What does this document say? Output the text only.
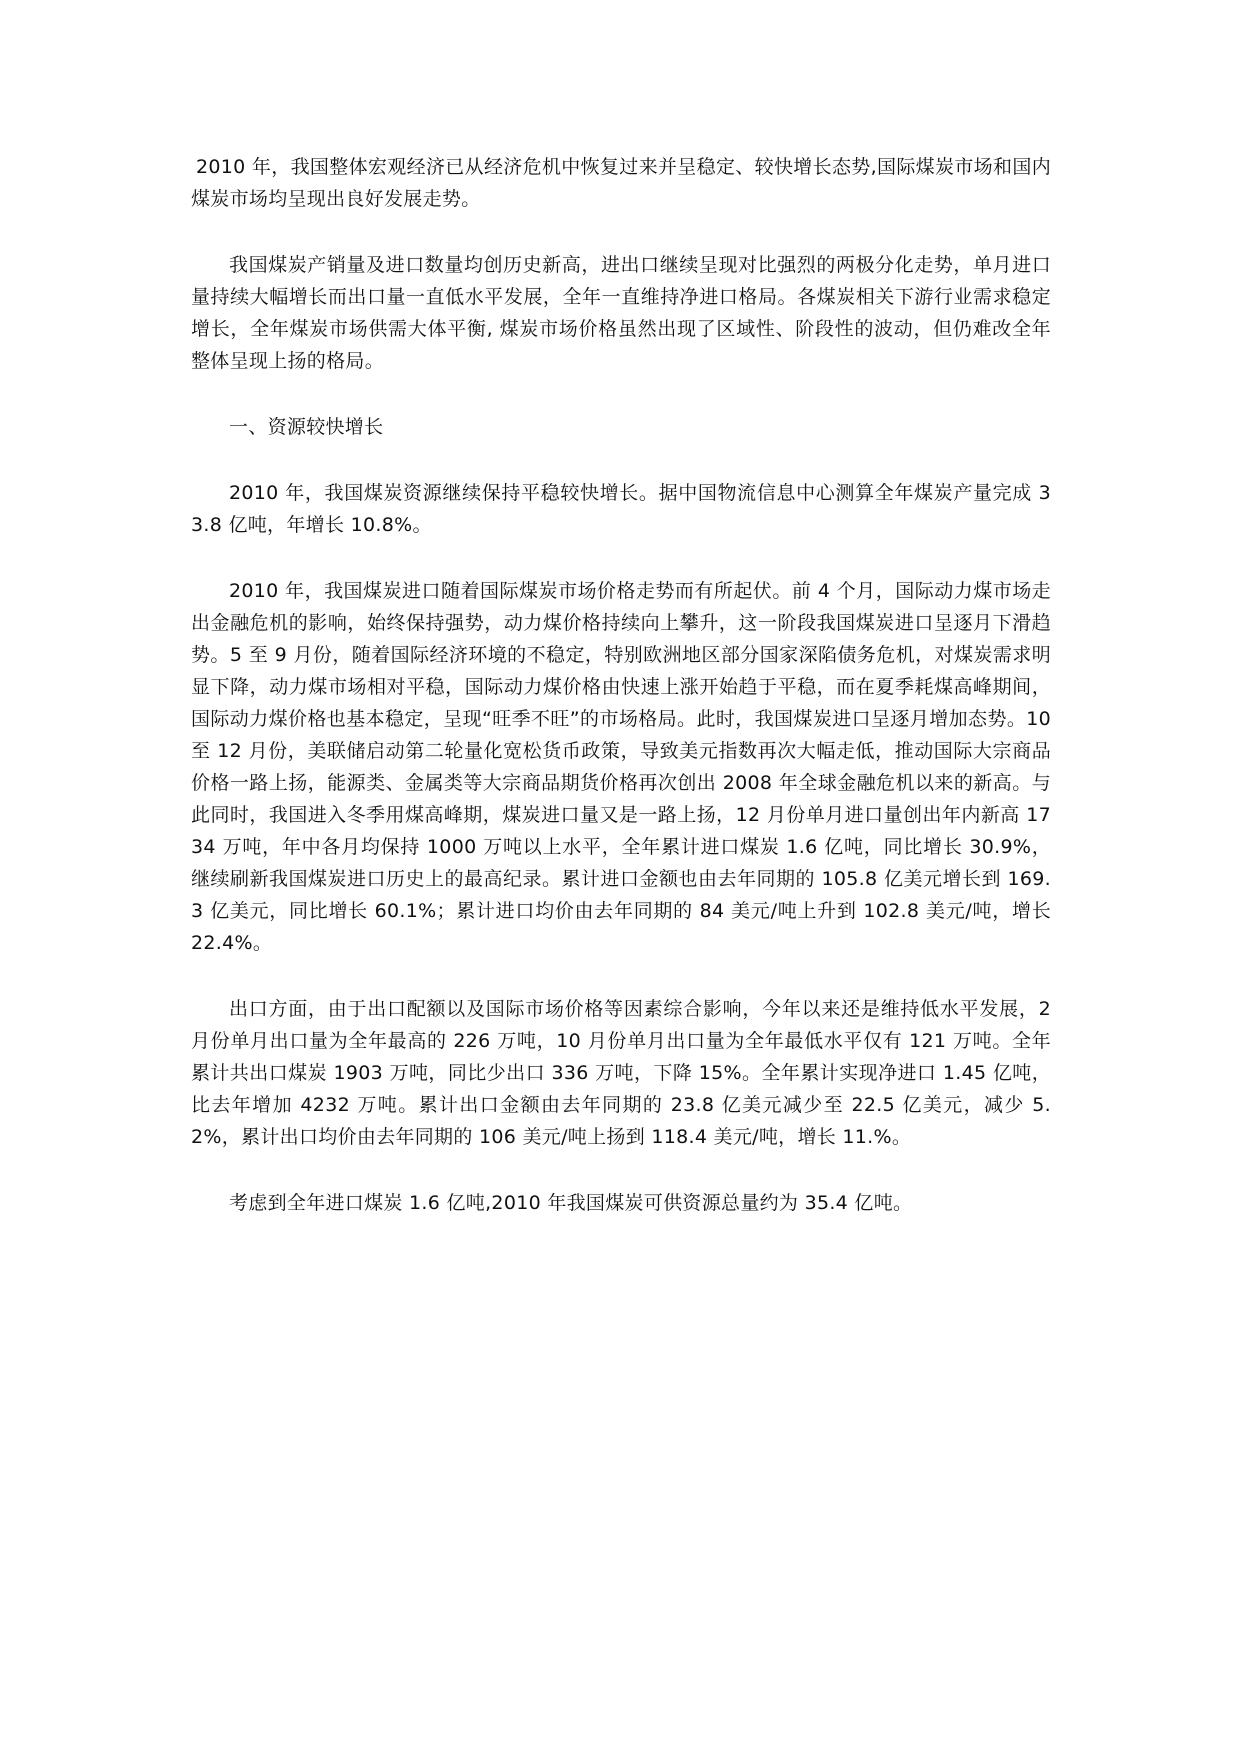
2010 年，我国整体宏观经济已从经济危机中恢复过来并呈稳定、较快增长态势,国际煤炭市场和国内煤炭市场均呈现出良好发展走势。

我国煤炭产销量及进口数量均创历史新高，进出口继续呈现对比强烈的两极分化走势，单月进口量持续大幅增长而出口量一直低水平发展，全年一直维持净进口格局。各煤炭相关下游行业需求稳定增长，全年煤炭市场供需大体平衡, 煤炭市场价格虽然出现了区域性、阶段性的波动，但仍难改全年整体呈现上扬的格局。

一、资源较快增长

2010 年，我国煤炭资源继续保持平稳较快增长。据中国物流信息中心测算全年煤炭产量完成 33.8 亿吨，年增长 10.8%。

2010 年，我国煤炭进口随着国际煤炭市场价格走势而有所起伏。前 4 个月，国际动力煤市场走出金融危机的影响，始终保持强势，动力煤价格持续向上攀升，这一阶段我国煤炭进口呈逐月下滑趋势。5 至 9 月份，随着国际经济环境的不稳定，特别欧洲地区部分国家深陷债务危机，对煤炭需求明显下降，动力煤市场相对平稳，国际动力煤价格由快速上涨开始趋于平稳，而在夏季耗煤高峰期间，国际动力煤价格也基本稳定，呈现“旺季不旺”的市场格局。此时，我国煤炭进口呈逐月增加态势。10 至 12 月份，美联储启动第二轮量化宽松货币政策，导致美元指数再次大幅走低，推动国际大宗商品价格一路上扬，能源类、金属类等大宗商品期货价格再次创出 2008 年全球金融危机以来的新高。与此同时，我国进入冬季用煤高峰期，煤炭进口量又是一路上扬，12 月份单月进口量创出年内新高 1734 万吨，年中各月均保持 1000 万吨以上水平，全年累计进口煤炭 1.6 亿吨，同比增长 30.9%，继续刷新我国煤炭进口历史上的最高纪录。累计进口金额也由去年同期的 105.8 亿美元增长到 169.3 亿美元，同比增长 60.1%；累计进口均价由去年同期的 84 美元/吨上升到 102.8 美元/吨，增长 22.4%。

出口方面，由于出口配额以及国际市场价格等因素综合影响，今年以来还是维持低水平发展，2 月份单月出口量为全年最高的 226 万吨，10 月份单月出口量为全年最低水平仅有 121 万吨。全年累计共出口煤炭 1903 万吨，同比少出口 336 万吨，下降 15%。全年累计实现净进口 1.45 亿吨，比去年增加 4232 万吨。累计出口金额由去年同期的 23.8 亿美元减少至 22.5 亿美元，减少 5.2%，累计出口均价由去年同期的 106 美元/吨上扬到 118.4 美元/吨，增长 11.%。

考虑到全年进口煤炭 1.6 亿吨,2010 年我国煤炭可供资源总量约为 35.4 亿吨。
